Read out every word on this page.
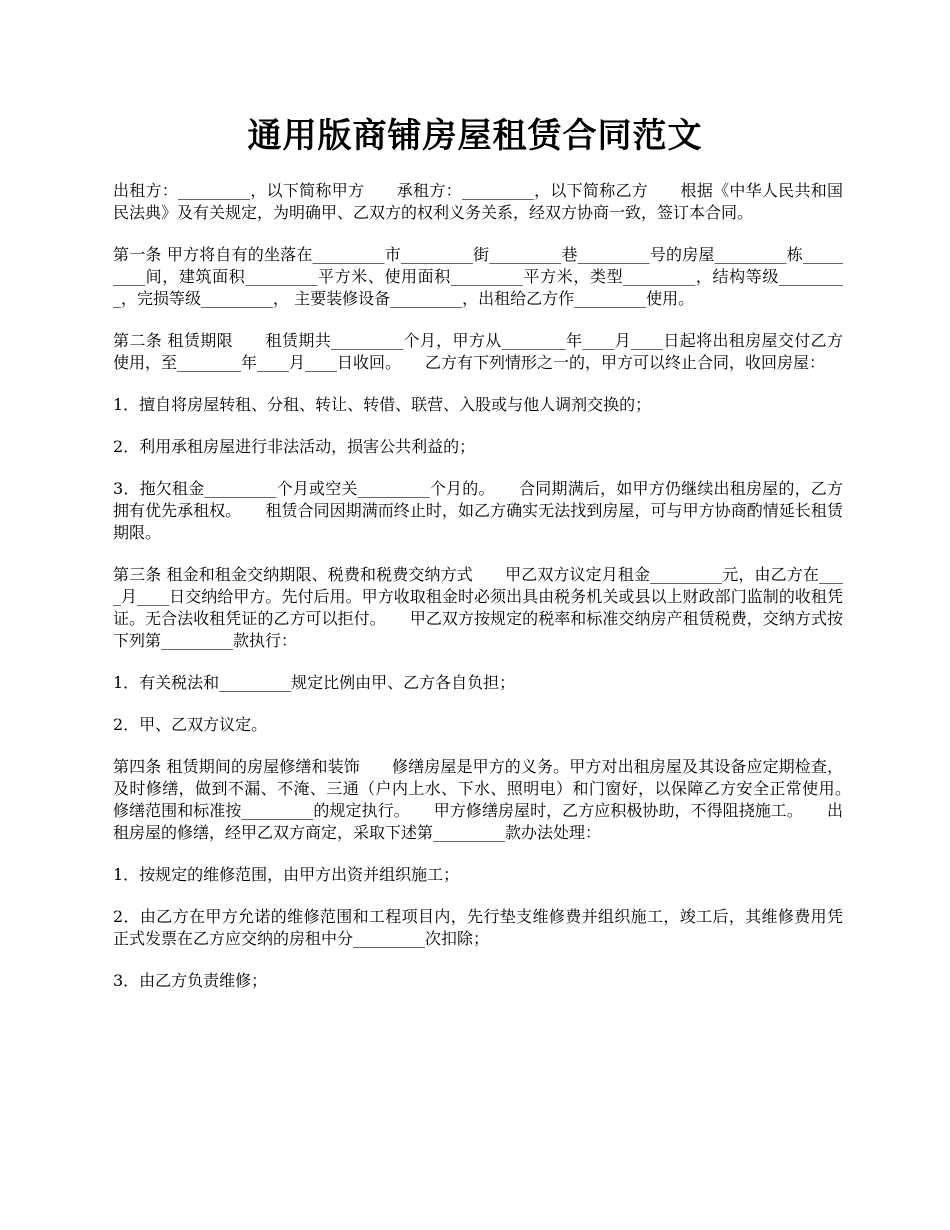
通用版商铺房屋租赁合同范文

出租方：_________，以下简称甲方　　承租方：_________，以下简称乙方　　根据《中华人民共和国民法典》及有关规定，为明确甲、乙双方的权利义务关系，经双方协商一致，签订本合同。

第一条 甲方将自有的坐落在_________市_________街_________巷_________号的房屋_________栋_________间，建筑面积_________平方米、使用面积_________平方米，类型_________，结构等级_________，完损等级_________， 主要装修设备_________，出租给乙方作_________使用。

第二条 租赁期限　　租赁期共_________个月，甲方从________年____月____日起将出租房屋交付乙方使用，至________年____月____日收回。　　乙方有下列情形之一的，甲方可以终止合同，收回房屋：

1．擅自将房屋转租、分租、转让、转借、联营、入股或与他人调剂交换的；

2．利用承租房屋进行非法活动，损害公共利益的；

3．拖欠租金_________个月或空关_________个月的。　　合同期满后，如甲方仍继续出租房屋的，乙方拥有优先承租权。　　租赁合同因期满而终止时，如乙方确实无法找到房屋，可与甲方协商酌情延长租赁期限。

第三条 租金和租金交纳期限、税费和税费交纳方式　　甲乙双方议定月租金_________元，由乙方在____月____日交纳给甲方。先付后用。甲方收取租金时必须出具由税务机关或县以上财政部门监制的收租凭证。无合法收租凭证的乙方可以拒付。　　甲乙双方按规定的税率和标准交纳房产租赁税费，交纳方式按下列第_________款执行：

1．有关税法和_________规定比例由甲、乙方各自负担；

2．甲、乙双方议定。

第四条 租赁期间的房屋修缮和装饰　　修缮房屋是甲方的义务。甲方对出租房屋及其设备应定期检查，及时修缮，做到不漏、不淹、三通（户内上水、下水、照明电）和门窗好，以保障乙方安全正常使用。　　修缮范围和标准按_________的规定执行。　　甲方修缮房屋时，乙方应积极协助，不得阻挠施工。　　出租房屋的修缮，经甲乙双方商定，采取下述第_________款办法处理：

1．按规定的维修范围，由甲方出资并组织施工；

2．由乙方在甲方允诺的维修范围和工程项目内，先行垫支维修费并组织施工，竣工后，其维修费用凭正式发票在乙方应交纳的房租中分_________次扣除；

3．由乙方负责维修；
